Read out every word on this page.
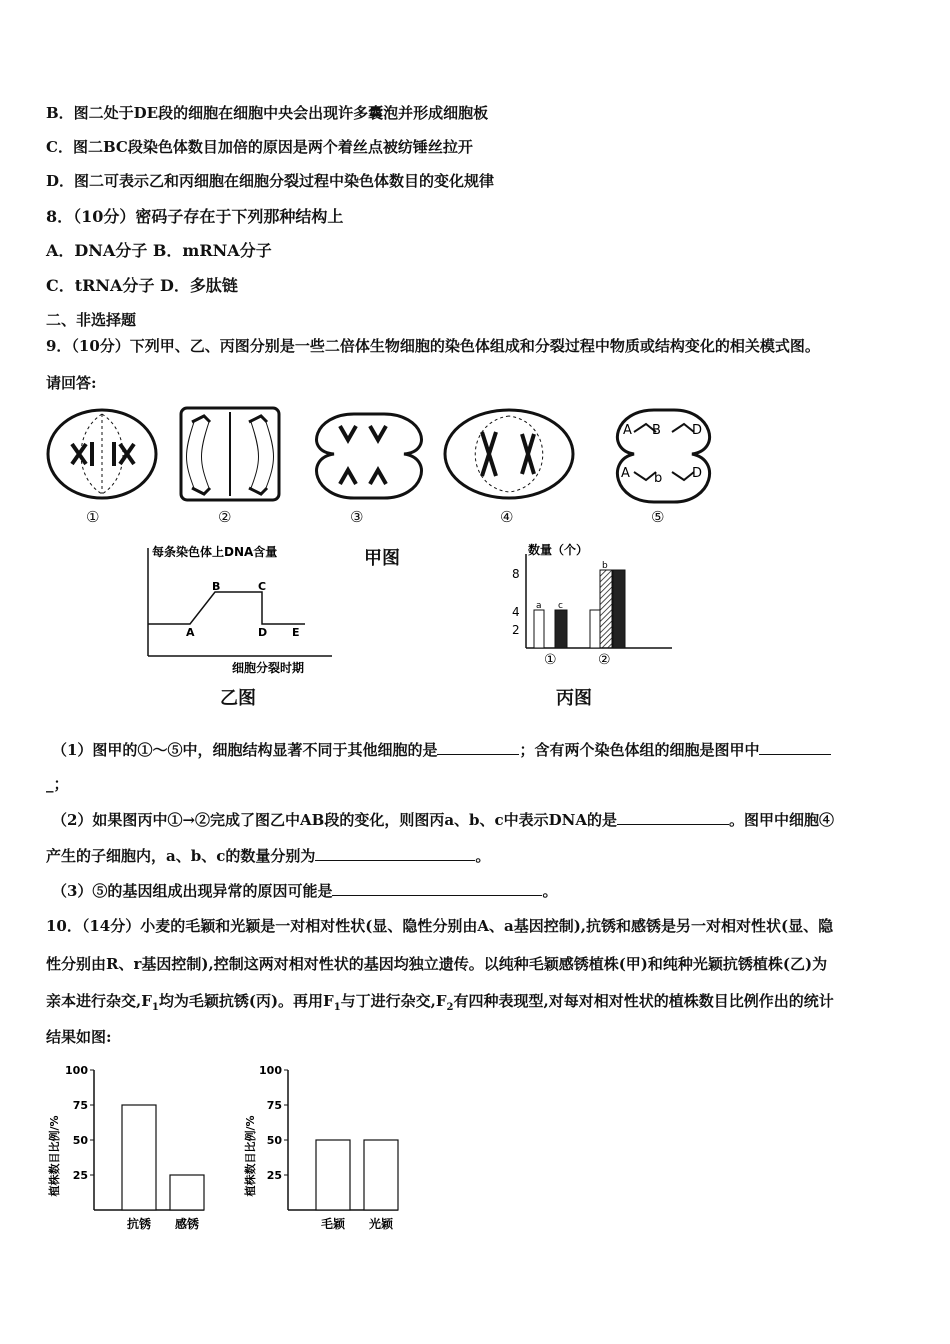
B．图二处于DE段的细胞在细胞中央会出现许多囊泡并形成细胞板
C．图二BC段染色体数目加倍的原因是两个着丝点被纺锤丝拉开
D．图二可表示乙和丙细胞在细胞分裂过程中染色体数目的变化规律
8．（10分）密码子存在于下列那种结构上
A．DNA分子 B．mRNA分子
C．tRNA分子 D．多肽链
二、非选择题
9．（10分）下列甲、乙、丙图分别是一些二倍体生物细胞的染色体组成和分裂过程中物质或结构变化的相关模式图。
请回答:
A B D
A b D
①	②	③	④	⑤
甲图
每条染色体上DNA含量
A
B	C
D E
细胞分裂时期
乙图
数量（个）
8
4
2
a c
b
①	②
丙图
（1）图甲的①～⑤中，细胞结构显著不同于其他细胞的是	；含有两个染色体组的细胞是图甲中
_；
（2）如果图丙中①→②完成了图乙中AB段的变化，则图丙a、b、c中表示DNA的是	。图甲中细胞④
产生的子细胞内，a、b、c的数量分别为	。
（3）⑤的基因组成出现异常的原因可能是	。
10．（14分）小麦的毛颖和光颖是一对相对性状(显、隐性分别由A、a基因控制),抗锈和感锈是另一对相对性状(显、隐
性分别由R、r基因控制),控制这两对相对性状的基因均独立遗传。以纯种毛颖感锈植株(甲)和纯种光颖抗锈植株(乙)为
亲本进行杂交$,F_1$均为毛颖抗锈(丙)。再用$F_1$与丁进行杂交$,F_2$有四种表现型,对每对相对性状的植株数目比例作出的统计
结果如图:
植株数目比例/%
100
75
50
25
抗锈 感锈
植株数目比例/%
100
75
50
25
毛颖 光颖
